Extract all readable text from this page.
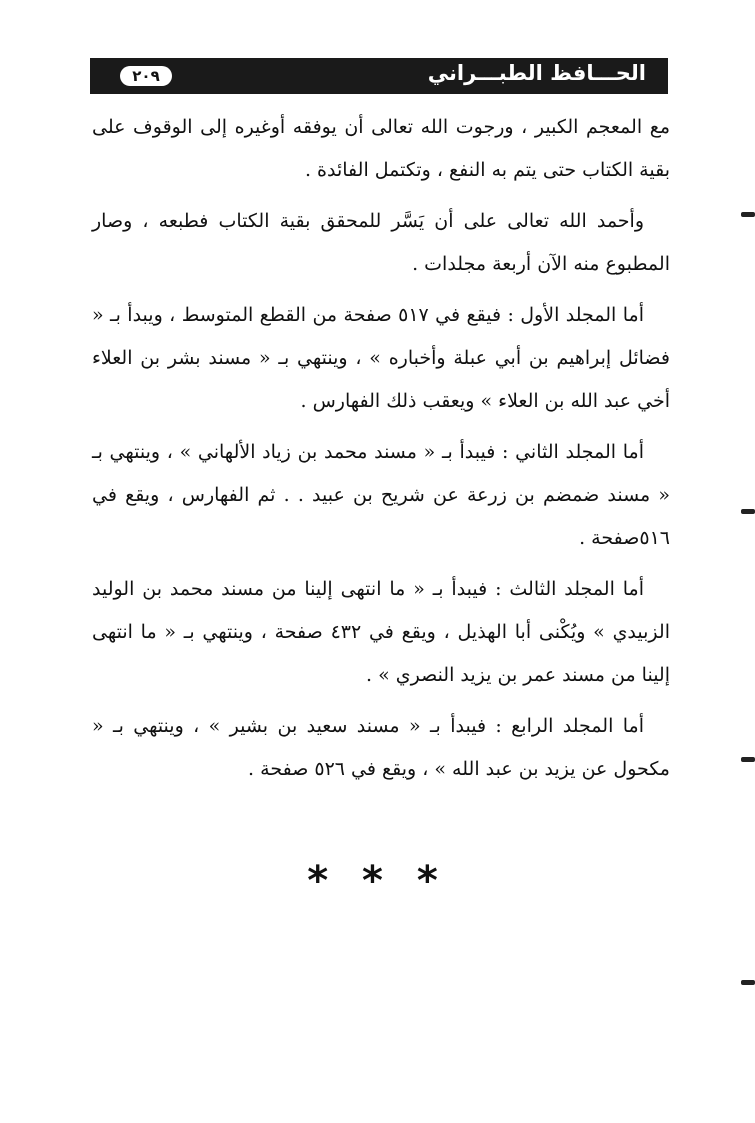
الحـــافظ الطبـــراني
٢٠٩

مع المعجم الكبير ، ورجوت الله تعالى أن يوفقه أوغيره إلى الوقوف على بقية الكتاب حتى يتم به النفع ، وتكتمل الفائدة .

وأحمد الله تعالى على أن يَسَّر للمحقق بقية الكتاب فطبعه ، وصار المطبوع منه الآن أربعة مجلدات .

أما المجلد الأول : فيقع في ٥١٧ صفحة من القطع المتوسط ، ويبدأ بـ « فضائل إبراهيم بن أبي عبلة وأخباره » ، وينتهي بـ « مسند بشر بن العلاء أخي عبد الله بن العلاء » ويعقب ذلك الفهارس .

أما المجلد الثاني : فيبدأ بـ « مسند محمد بن زياد الألهاني » ، وينتهي بـ « مسند ضمضم بن زرعة عن شريح بن عبيد . . ثم الفهارس ، ويقع في ٥١٦صفحة .

أما المجلد الثالث : فيبدأ بـ « ما انتهى إلينا من مسند محمد بن الوليد الزبيدي » ويُكْنى أبا الهذيل ، ويقع في ٤٣٢ صفحة ، وينتهي بـ « ما انتهى إلينا من مسند عمر بن يزيد النصري » .

أما المجلد الرابع : فيبدأ بـ « مسند سعيد بن بشير » ، وينتهي بـ « مكحول عن يزيد بن عبد الله » ، ويقع في ٥٢٦ صفحة .

* * *
